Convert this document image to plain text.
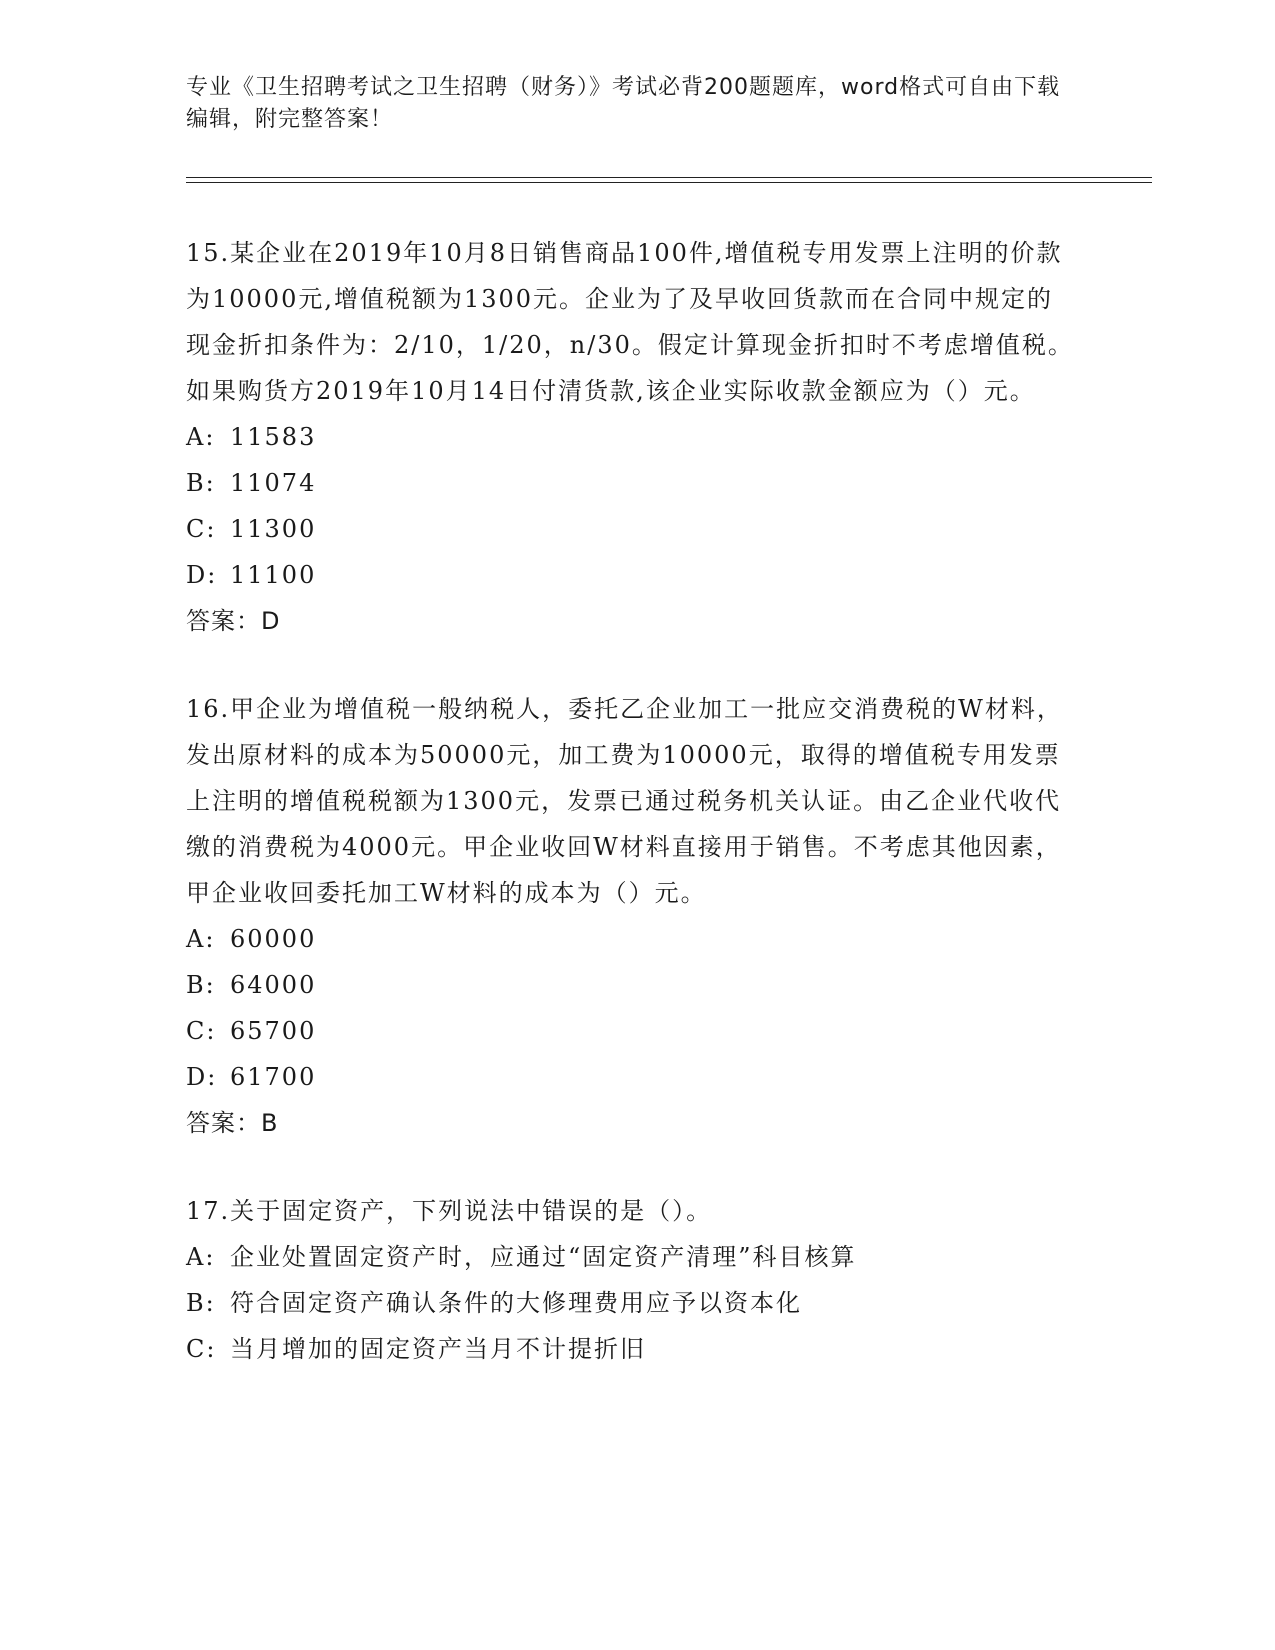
专业《卫生招聘考试之卫生招聘（财务）》考试必背200题题库，word格式可自由下载编辑，附完整答案！
15.某企业在2019年10月8日销售商品100件,增值税专用发票上注明的价款为10000元,增值税额为1300元。企业为了及早收回货款而在合同中规定的现金折扣条件为：2/10，1/20，n/30。假定计算现金折扣时不考虑增值税。如果购货方2019年10月14日付清货款,该企业实际收款金额应为（）元。
A: 11583
B: 11074
C: 11300
D: 11100
答案：D
16.甲企业为增值税一般纳税人，委托乙企业加工一批应交消费税的W材料，发出原材料的成本为50000元，加工费为10000元，取得的增值税专用发票上注明的增值税税额为1300元，发票已通过税务机关认证。由乙企业代收代缴的消费税为4000元。甲企业收回W材料直接用于销售。不考虑其他因素，甲企业收回委托加工W材料的成本为（）元。
A: 60000
B: 64000
C: 65700
D: 61700
答案：B
17.关于固定资产，下列说法中错误的是（）。
A: 企业处置固定资产时，应通过“固定资产清理”科目核算
B: 符合固定资产确认条件的大修理费用应予以资本化
C: 当月增加的固定资产当月不计提折旧
